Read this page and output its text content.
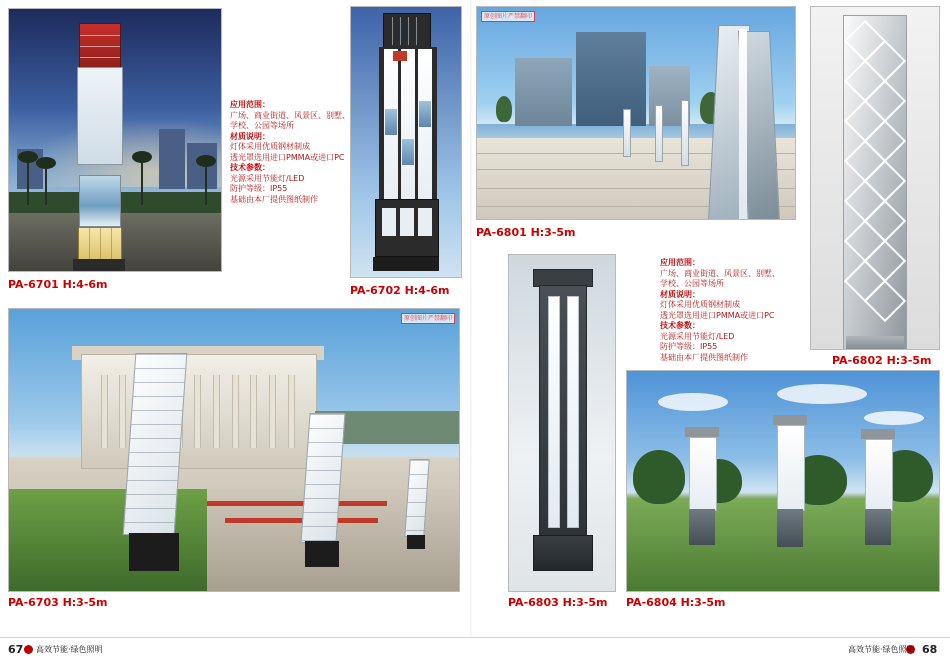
PA-6701 H:4-6m
应用范围：
广场、商业街道、风景区、别墅、
学校、公园等场所
材质说明：
灯体采用优质钢材制成
透光罩选用进口PMMA或进口PC
技术参数：
光源采用节能灯/LED
防护等级：IP55
基础由本厂提供图纸制作
PA-6702 H:4-6m
原创图片严禁翻印
PA-6801 H:3-5m
PA-6802 H:3-5m
原创图片严禁翻印
PA-6703 H:3-5m
应用范围：
广场、商业街道、风景区、别墅、
学校、公园等场所
材质说明：
灯体采用优质钢材制成
透光罩选用进口PMMA或进口PC
技术参数：
光源采用节能灯/LED
防护等级：IP55
基础由本厂提供图纸制作
PA-6803 H:3-5m PA-6804 H:3-5m
67 高效节能·绿色照明	68
高效节能·绿色照明
